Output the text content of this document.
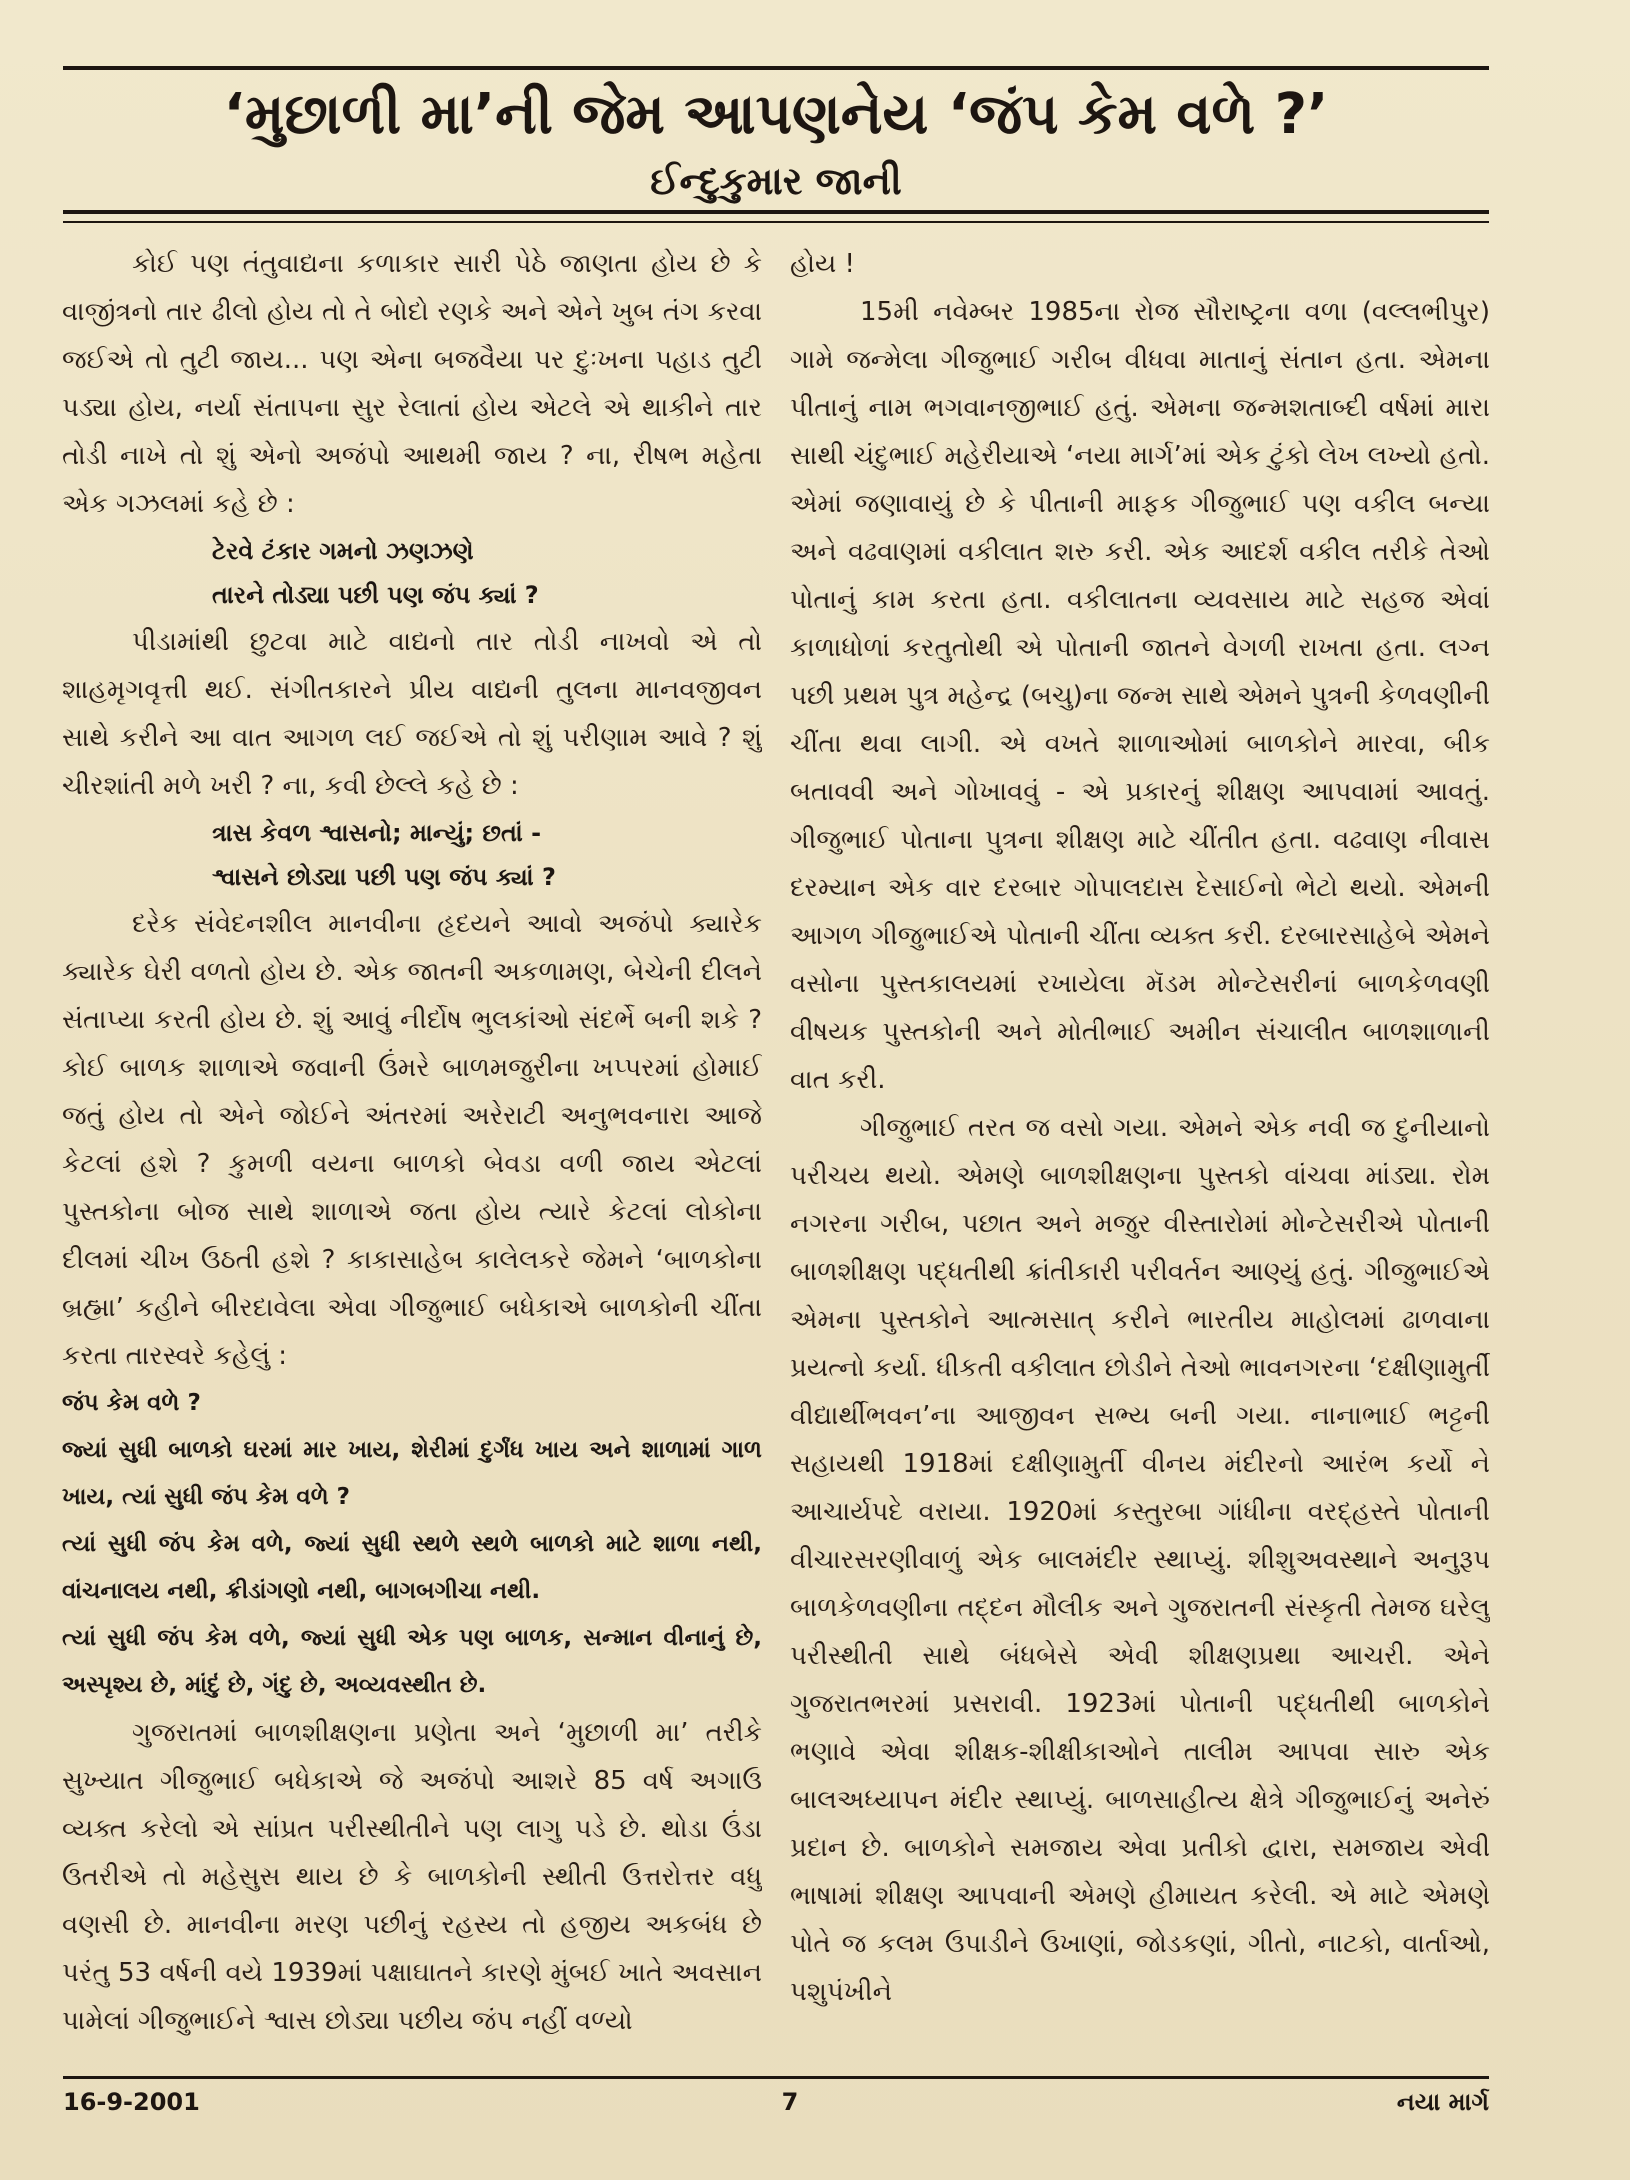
‘મુછાળી મા’ની જેમ આપણનેય ‘જંપ કેમ વળે ?’
ઈન્દુકુમાર જાની

કોઈ પણ તંતુવાદ્યના કળાકાર સારી પેઠે જાણતા હોય છે કે વાજીંત્રનો તાર ઢીલો હોય તો તે બોદો રણકે અને એને ખુબ તંગ કરવા જઈએ તો તુટી જાય... પણ એના બજવૈયા પર દુઃખના પહાડ તુટી પડ્યા હોય, નર્યા સંતાપના સુર રેલાતાં હોય એટલે એ થાકીને તાર તોડી નાખે તો શું એનો અજંપો આથમી જાય ? ના, રીષભ મહેતા એક ગઝલમાં કહે છે :

ટેરવે ટંકાર ગમનો ઝણઝણે
તારને તોડ્યા પછી પણ જંપ ક્યાં ?

પીડામાંથી છુટવા માટે વાદ્યનો તાર તોડી નાખવો એ તો શાહમૃગવૃત્તી થઈ. સંગીતકારને પ્રીય વાદ્યની તુલના માનવજીવન સાથે કરીને આ વાત આગળ લઈ જઈએ તો શું પરીણામ આવે ? શું ચીરશાંતી મળે ખરી ? ના, કવી છેલ્લે કહે છે :

ત્રાસ કેવળ શ્વાસનો; માન્યું; છતાં -
શ્વાસને છોડ્યા પછી પણ જંપ ક્યાં ?

દરેક સંવેદનશીલ માનવીના હૃદયને આવો અજંપો ક્યારેક ક્યારેક ઘેરી વળતો હોય છે. એક જાતની અકળામણ, બેચેની દીલને સંતાપ્યા કરતી હોય છે. શું આવું નીર્દોષ ભુલકાંઓ સંદર્ભે બની શકે ? કોઈ બાળક શાળાએ જવાની ઉંમરે બાળમજુરીના ખપ્પરમાં હોમાઈ જતું હોય તો એને જોઈને અંતરમાં અરેરાટી અનુભવનારા આજે કેટલાં હશે ? કુમળી વયના બાળકો બેવડા વળી જાય એટલાં પુસ્તકોના બોજ સાથે શાળાએ જતા હોય ત્યારે કેટલાં લોકોના દીલમાં ચીખ ઉઠતી હશે ? કાકાસાહેબ કાલેલકરે જેમને ‘બાળકોના બ્રહ્મા’ કહીને બીરદાવેલા એવા ગીજુભાઈ બધેકાએ બાળકોની ચીંતા કરતા તારસ્વરે કહેલું :

જંપ કેમ વળે ?

જ્યાં સુધી બાળકો ઘરમાં માર ખાય, શેરીમાં દુર્ગંધ ખાય અને શાળામાં ગાળ ખાય, ત્યાં સુધી જંપ કેમ વળે ?

ત્યાં સુધી જંપ કેમ વળે, જ્યાં સુધી સ્થળે સ્થળે બાળકો માટે શાળા નથી, વાંચનાલય નથી, ક્રીડાંગણો નથી, બાગબગીચા નથી.

ત્યાં સુધી જંપ કેમ વળે, જ્યાં સુધી એક પણ બાળક, સન્માન વીનાનું છે, અસ્પૃશ્ય છે, માંદું છે, ગંદુ છે, અવ્યવસ્થીત છે.

ગુજરાતમાં બાળશીક્ષણના પ્રણેતા અને ‘મુછાળી મા’ તરીકે સુખ્યાત ગીજુભાઈ બધેકાએ જે અજંપો આશરે 85 વર્ષ અગાઉ વ્યક્ત કરેલો એ સાંપ્રત પરીસ્થીતીને પણ લાગુ પડે છે. થોડા ઉંડા ઉતરીએ તો મહેસુસ થાય છે કે બાળકોની સ્થીતી ઉત્તરોત્તર વધુ વણસી છે. માનવીના મરણ પછીનું રહસ્ય તો હજીય અકબંધ છે પરંતુ 53 વર્ષની વયે 1939માં પક્ષાઘાતને કારણે મુંબઈ ખાતે અવસાન પામેલાં ગીજુભાઈને શ્વાસ છોડ્યા પછીય જંપ નહીં વળ્યો

હોય !

15મી નવેમ્બર 1985ના રોજ સૌરાષ્ટ્રના વળા (વલ્લભીપુર) ગામે જન્મેલા ગીજુભાઈ ગરીબ વીધવા માતાનું સંતાન હતા. એમના પીતાનું નામ ભગવાનજીભાઈ હતું. એમના જન્મશતાબ્દી વર્ષમાં મારા સાથી ચંદુભાઈ મહેરીયાએ ‘નયા માર્ગ’માં એક ટુંકો લેખ લખ્યો હતો. એમાં જણાવાયું છે કે પીતાની માફક ગીજુભાઈ પણ વકીલ બન્યા અને વઢવાણમાં વકીલાત શરુ કરી. એક આદર્શ વકીલ તરીકે તેઓ પોતાનું કામ કરતા હતા. વકીલાતના વ્યવસાય માટે સહજ એવાં કાળાધોળાં કરતુતોથી એ પોતાની જાતને વેગળી રાખતા હતા. લગ્ન પછી પ્રથમ પુત્ર મહેન્દ્ર (બચુ)ના જન્મ સાથે એમને પુત્રની કેળવણીની ચીંતા થવા લાગી. એ વખતે શાળાઓમાં બાળકોને મારવા, બીક બતાવવી અને ગોખાવવું - એ પ્રકારનું શીક્ષણ આપવામાં આવતું. ગીજુભાઈ પોતાના પુત્રના શીક્ષણ માટે ચીંતીત હતા. વઢવાણ નીવાસ દરમ્યાન એક વાર દરબાર ગોપાલદાસ દેસાઈનો ભેટો થયો. એમની આગળ ગીજુભાઈએ પોતાની ચીંતા વ્યક્ત કરી. દરબારસાહેબે એમને વસોના પુસ્તકાલયમાં રખાયેલા મૅડમ મોન્ટેસરીનાં બાળકેળવણી વીષયક પુસ્તકોની અને મોતીભાઈ અમીન સંચાલીત બાળશાળાની વાત કરી.

ગીજુભાઈ તરત જ વસો ગયા. એમને એક નવી જ દુનીયાનો પરીચય થયો. એમણે બાળશીક્ષણના પુસ્તકો વાંચવા માંડ્યા. રોમ નગરના ગરીબ, પછાત અને મજુર વીસ્તારોમાં મોન્ટેસરીએ પોતાની બાળશીક્ષણ પદ્ધતીથી ક્રાંતીકારી પરીવર્તન આણ્યું હતું. ગીજુભાઈએ એમના પુસ્તકોને આત્મસાત્ કરીને ભારતીય માહોલમાં ઢાળવાના પ્રયત્નો કર્યા. ધીકતી વકીલાત છોડીને તેઓ ભાવનગરના ‘દક્ષીણામુર્તી વીદ્યાર્થીભવન’ના આજીવન સભ્ય બની ગયા. નાનાભાઈ ભટ્ટની સહાયથી 1918માં દક્ષીણામુર્તી વીનય મંદીરનો આરંભ કર્યો ને આચાર્યપદે વરાયા. 1920માં કસ્તુરબા ગાંધીના વરદ્હસ્તે પોતાની વીચારસરણીવાળું એક બાલમંદીર સ્થાપ્યું. શીશુઅવસ્થાને અનુરૂપ બાળકેળવણીના તદ્દન મૌલીક અને ગુજરાતની સંસ્કૃતી તેમજ ઘરેલુ પરીસ્થીતી સાથે બંધબેસે એવી શીક્ષણપ્રથા આચરી. એને ગુજરાતભરમાં પ્રસરાવી. 1923માં પોતાની પદ્ધતીથી બાળકોને ભણાવે એવા શીક્ષક-શીક્ષીકાઓને તાલીમ આપવા સારુ એક બાલઅધ્યાપન મંદીર સ્થાપ્યું. બાળસાહીત્ય ક્ષેત્રે ગીજુભાઈનું અનેરું પ્રદાન છે. બાળકોને સમજાય એવા પ્રતીકો દ્વારા, સમજાય એવી ભાષામાં શીક્ષણ આપવાની એમણે હીમાયત કરેલી. એ માટે એમણે પોતે જ કલમ ઉપાડીને ઉખાણાં, જોડકણાં, ગીતો, નાટકો, વાર્તાઓ, પશુપંખીને

16-9-2001	7	નયા માર્ગ
